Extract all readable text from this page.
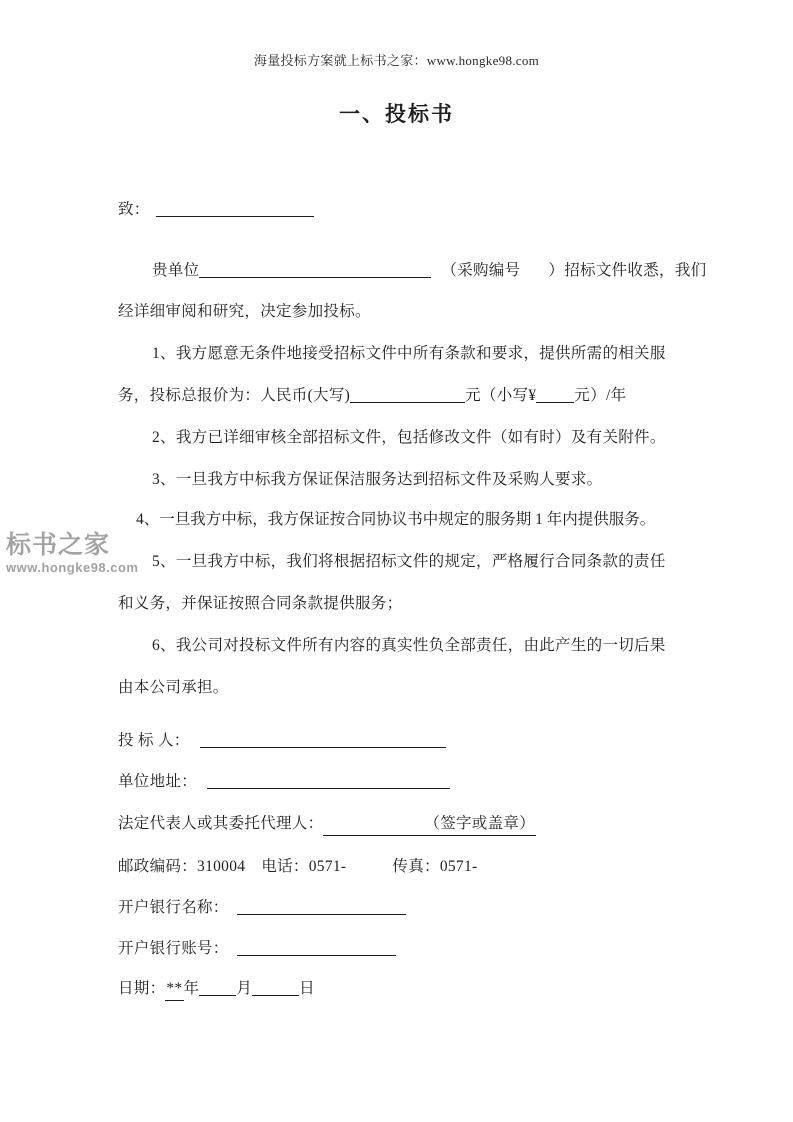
标书之家
www.hongke98.com
海量投标方案就上标书之家：www.hongke98.com
一、投标书
致：
贵单位	（采购编号 ）招标文件收悉，我们
经详细审阅和研究，决定参加投标。
1、我方愿意无条件地接受招标文件中所有条款和要求，提供所需的相关服
务，投标总报价为：人民币(大写)	元（小写¥ 元）/年
2、我方已详细审核全部招标文件，包括修改文件（如有时）及有关附件。
3、一旦我方中标我方保证保洁服务达到招标文件及采购人要求。
4、一旦我方中标，我方保证按合同协议书中规定的服务期 1 年内提供服务。
5、一旦我方中标，我们将根据招标文件的规定，严格履行合同条款的责任
和义务，并保证按照合同条款提供服务；
6、我公司对投标文件所有内容的真实性负全部责任，由此产生的一切后果
由本公司承担。
投 标 人：
单位地址：
法定代表人或其委托代理人：	（签字或盖章）
邮政编码：310004 电话：0571-	传真：0571-
开户银行名称：
开户银行账号：
日期：**年 月	日
